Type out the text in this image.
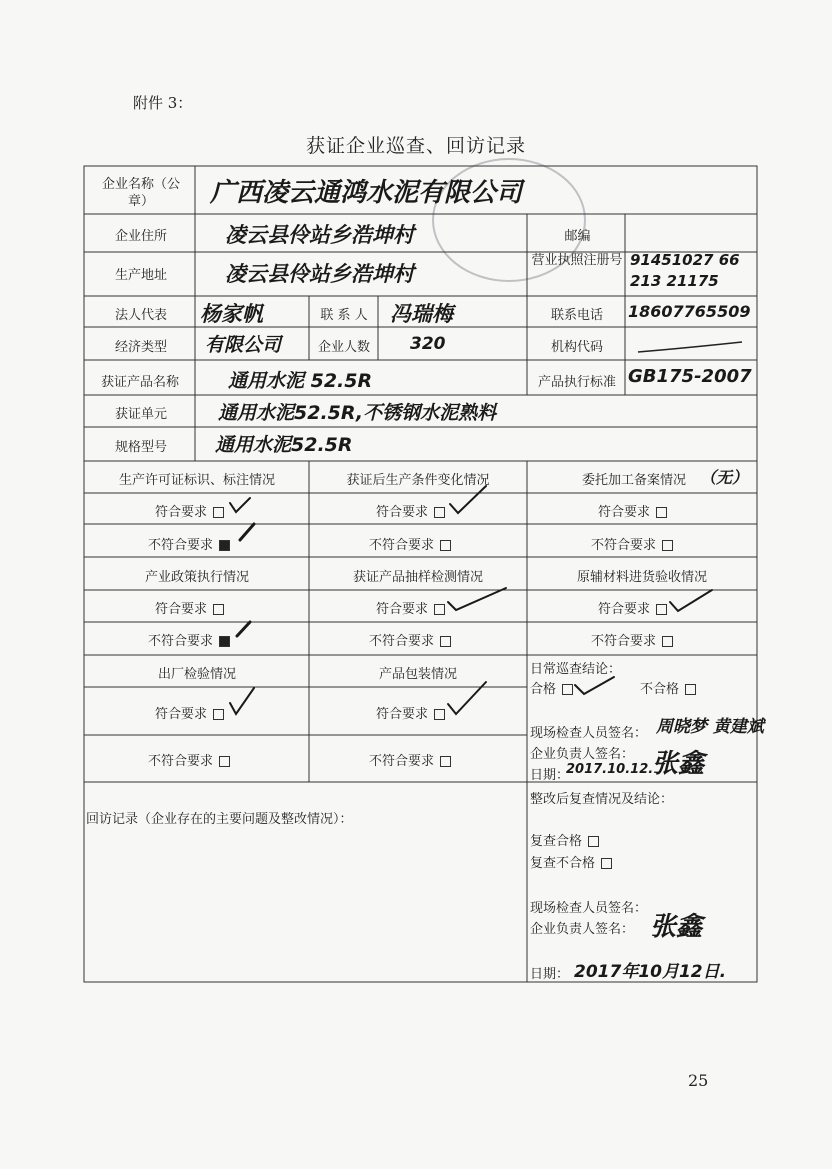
附件 3：
获证企业巡查、回访记录
企业名称（公章）	广西凌云通鸿水泥有限公司
企业住所	凌云县伶站乡浩坤村	邮编
生产地址	凌云县伶站乡浩坤村
营业执照注册号 91451027 66 213 21175
法人代表	杨家帆	联 系 人	冯瑞梅	联系电话	18607765509
经济类型	有限公司	企业人数	320	机构代码
获证产品名称	通用水泥 52.5R	产品执行标准 GB175-2007
获证单元	通用水泥52.5R,不锈钢水泥熟料
规格型号	通用水泥52.5R
生产许可证标识、标注情况	获证后生产条件变化情况	委托加工备案情况 （无）
符合要求	符合要求	符合要求
不符合要求	不符合要求	不符合要求
产业政策执行情况	获证产品抽样检测情况	原辅材料进货验收情况
符合要求	符合要求	符合要求
不符合要求	不符合要求	不符合要求
出厂检验情况	产品包装情况
符合要求	符合要求
不符合要求	不符合要求
日常巡查结论：
合格	不合格
现场检查人员签名： 周晓梦 黄建斌
企业负责人签名： 张鑫
日期：
2017.10.12.
回访记录（企业存在的主要问题及整改情况）：
整改后复查情况及结论：
复查合格
复查不合格
现场检查人员签名：
企业负责人签名： 张鑫
日期： 2017年10月12日.
25
